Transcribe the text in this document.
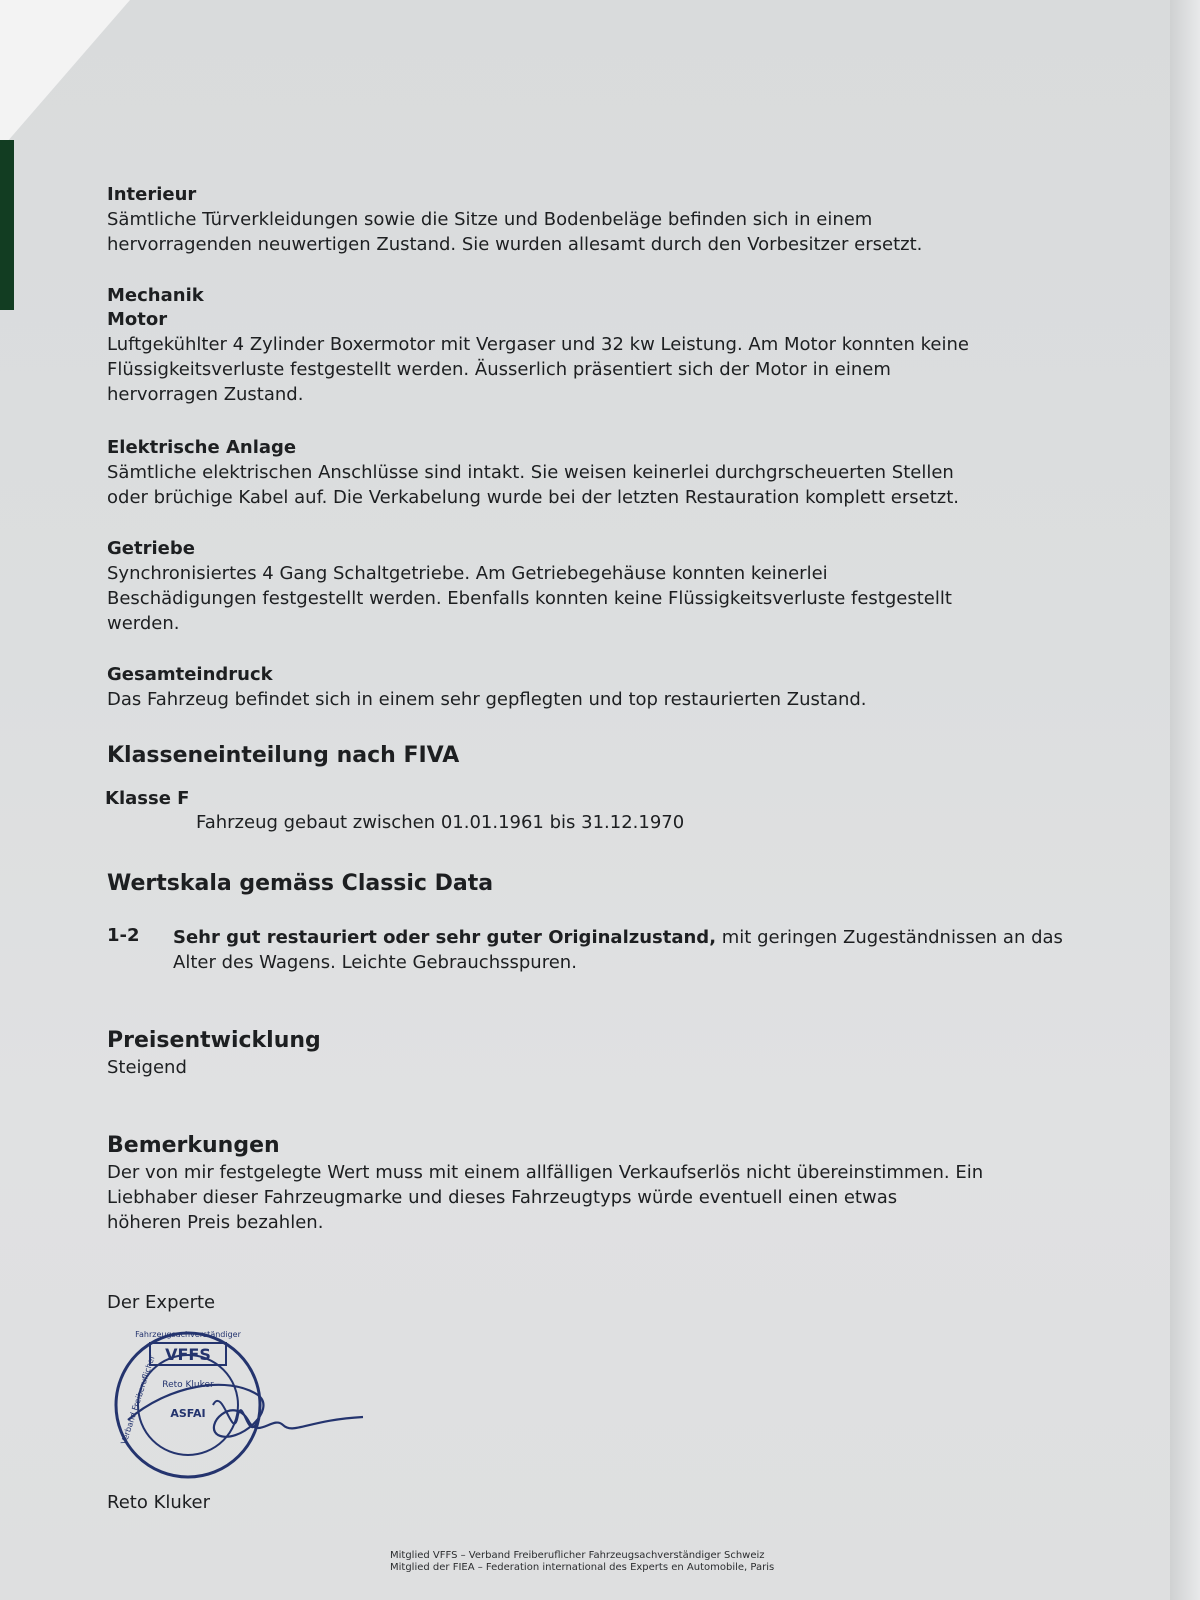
Interieur

Sämtliche Türverkleidungen sowie die Sitze und Bodenbeläge befinden sich in einem

hervorragenden neuwertigen Zustand. Sie wurden allesamt durch den Vorbesitzer ersetzt.

Mechanik

Motor

Luftgekühlter 4 Zylinder Boxermotor mit Vergaser und 32 kw Leistung. Am Motor konnten keine

Flüssigkeitsverluste festgestellt werden. Äusserlich präsentiert sich der Motor in einem

hervorragen Zustand.

Elektrische Anlage

Sämtliche elektrischen Anschlüsse sind intakt. Sie weisen keinerlei durchgrscheuerten Stellen

oder brüchige Kabel auf. Die Verkabelung wurde bei der letzten Restauration komplett ersetzt.

Getriebe

Synchronisiertes 4 Gang Schaltgetriebe. Am Getriebegehäuse konnten keinerlei

Beschädigungen festgestellt werden. Ebenfalls konnten keine Flüssigkeitsverluste festgestellt

werden.

Gesamteindruck

Das Fahrzeug befindet sich in einem sehr gepflegten und top restaurierten Zustand.

Klasseneinteilung nach FIVA

Klasse F
Fahrzeug gebaut zwischen 01.01.1961 bis 31.12.1970

Wertskala gemäss Classic Data

1-2 Sehr gut restauriert oder sehr guter Originalzustand, mit geringen Zugeständnissen an das
Alter des Wagens. Leichte Gebrauchsspuren.

Preisentwicklung

Steigend

Bemerkungen

Der von mir festgelegte Wert muss mit einem allfälligen Verkaufserlös nicht übereinstimmen. Ein

Liebhaber dieser Fahrzeugmarke und dieses Fahrzeugtyps würde eventuell einen etwas

höheren Preis bezahlen.

Der Experte

VFFS
Reto Kluker
ASFAI
Fahrzeugsachverständiger
Verband Freiberuflicher

Reto Kluker

Mitglied VFFS – Verband Freiberuflicher Fahrzeugsachverständiger Schweiz
Mitglied der FIEA – Federation international des Experts en Automobile, Paris
